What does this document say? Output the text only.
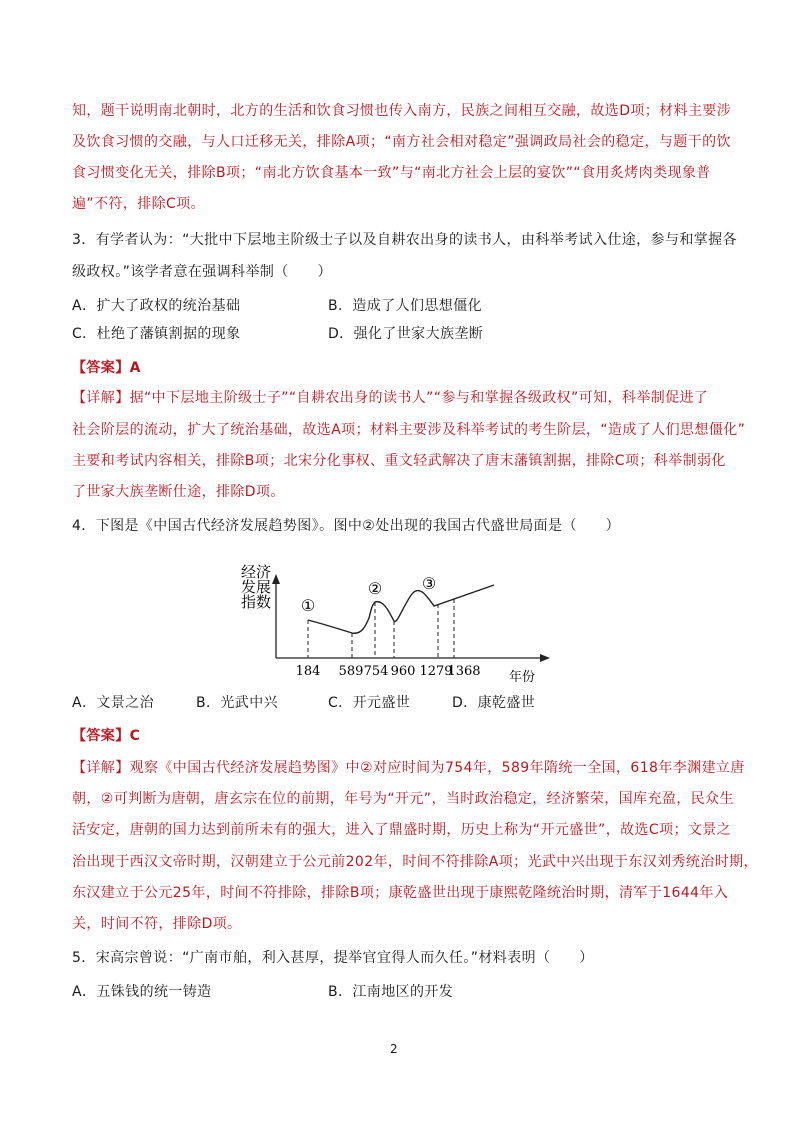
知，题干说明南北朝时，北方的生活和饮食习惯也传入南方，民族之间相互交融，故选D项；材料主要涉
及饮食习惯的交融，与人口迁移无关，排除A项；“南方社会相对稳定”强调政局社会的稳定，与题干的饮
食习惯变化无关，排除B项；“南北方饮食基本一致”与“南北方社会上层的宴饮”“食用炙烤肉类现象普
遍”不符，排除C项。
3．有学者认为：“大批中下层地主阶级士子以及自耕农出身的读书人，由科举考试入仕途，参与和掌握各
级政权。”该学者意在强调科举制（　　）
A．扩大了政权的统治基础	B．造成了人们思想僵化
C．杜绝了藩镇割据的现象	D．强化了世家大族垄断
【答案】A
【详解】据“中下层地主阶级士子”“自耕农出身的读书人”“参与和掌握各级政权”可知，科举制促进了
社会阶层的流动，扩大了统治基础，故选A项；材料主要涉及科举考试的考生阶层，“造成了人们思想僵化”
主要和考试内容相关，排除B项；北宋分化事权、重文轻武解决了唐末藩镇割据，排除C项；科举制弱化
了世家大族垄断仕途，排除D项。
4．下图是《中国古代经济发展趋势图》。图中②处出现的我国古代盛世局面是（　　）
经济
发展
指数
年份
①
② ③
184 589 754 960 1279
1368
A．文景之治	B．光武中兴	C．开元盛世	D．康乾盛世
【答案】C
【详解】观察《中国古代经济发展趋势图》中②对应时间为754年，589年隋统一全国，618年李渊建立唐
朝，②可判断为唐朝，唐玄宗在位的前期，年号为“开元”，当时政治稳定，经济繁荣，国库充盈，民众生
活安定，唐朝的国力达到前所未有的强大，进入了鼎盛时期，历史上称为“开元盛世”，故选C项；文景之
治出现于西汉文帝时期，汉朝建立于公元前202年，时间不符排除A项；光武中兴出现于东汉刘秀统治时期，
东汉建立于公元25年，时间不符排除，排除B项；康乾盛世出现于康熙乾隆统治时期，清军于1644年入
关，时间不符，排除D项。
5．宋高宗曾说：“广南市舶，利入甚厚，提举官宜得人而久任。”材料表明（　　）
A．五铢钱的统一铸造	B．江南地区的开发
2
